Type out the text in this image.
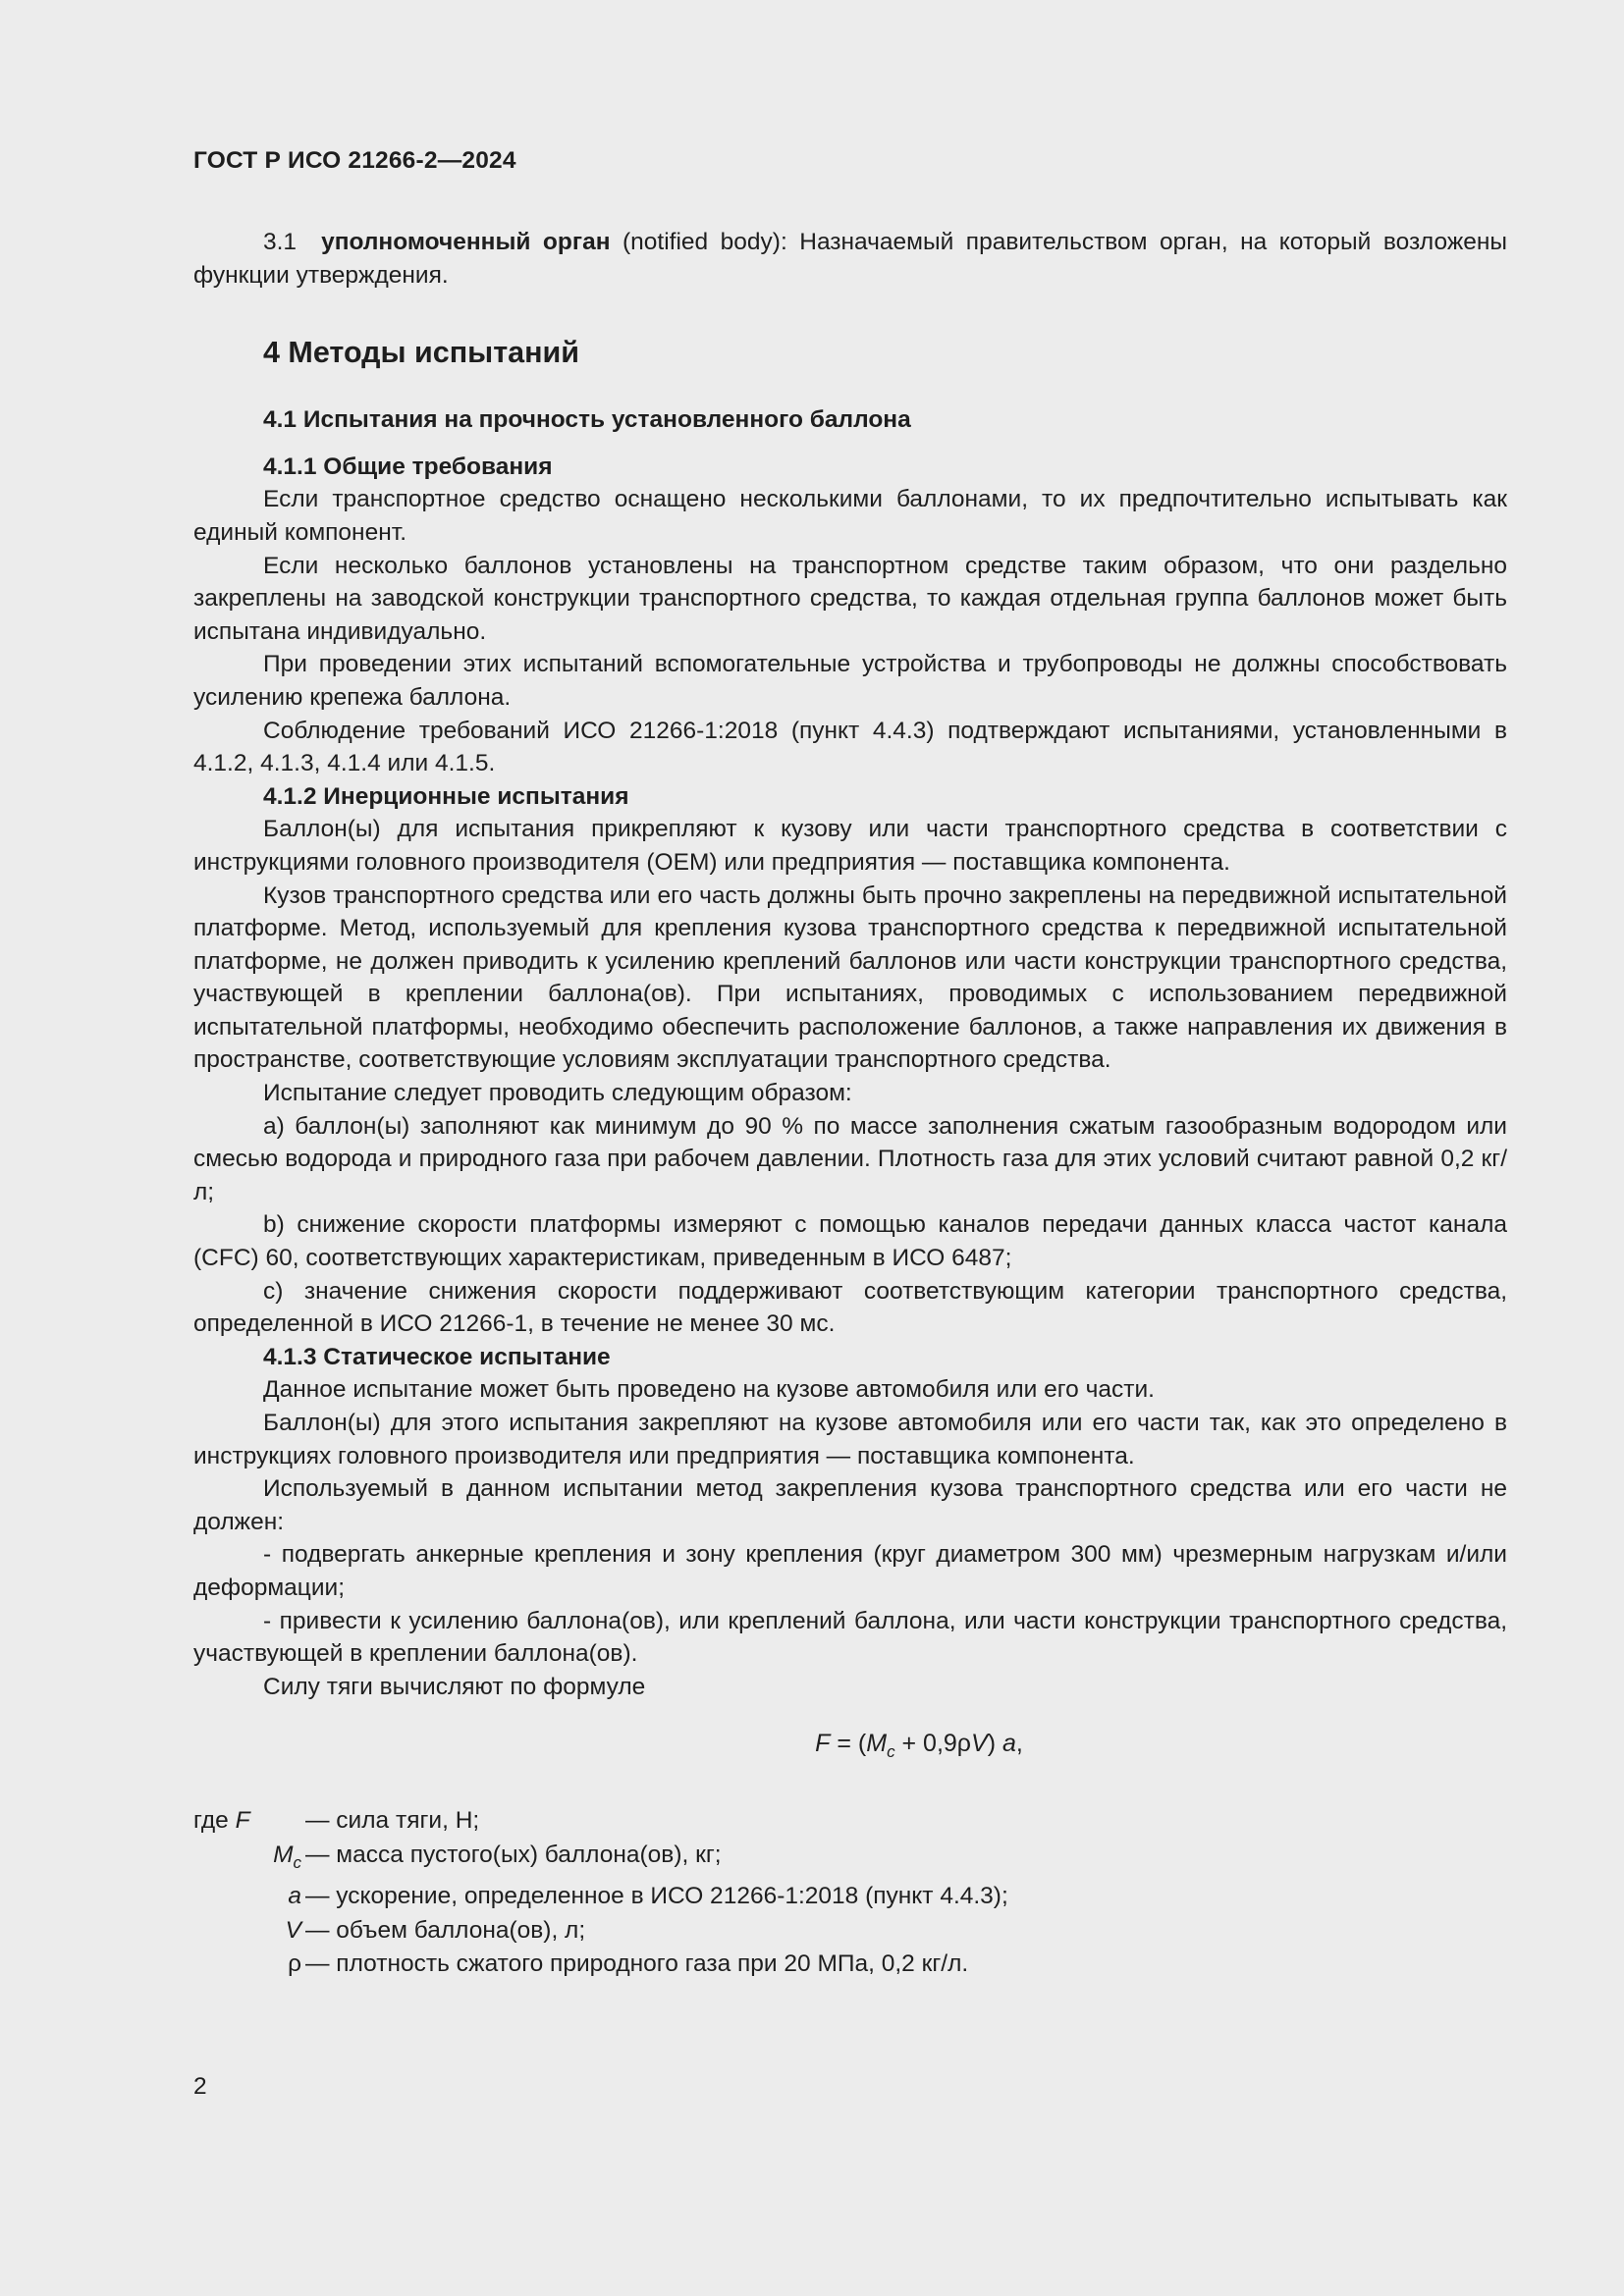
ГОСТ Р ИСО 21266-2—2024

3.1 уполномоченный орган (notified body): Назначаемый правительством орган, на который возложены функции утверждения.

4 Методы испытаний
4.1 Испытания на прочность установленного баллона
4.1.1 Общие требования

Если транспортное средство оснащено несколькими баллонами, то их предпочтительно испытывать как единый компонент.

Если несколько баллонов установлены на транспортном средстве таким образом, что они раздельно закреплены на заводской конструкции транспортного средства, то каждая отдельная группа баллонов может быть испытана индивидуально.

При проведении этих испытаний вспомогательные устройства и трубопроводы не должны способствовать усилению крепежа баллона.

Соблюдение требований ИСО 21266-1:2018 (пункт 4.4.3) подтверждают испытаниями, установленными в 4.1.2, 4.1.3, 4.1.4 или 4.1.5.

4.1.2 Инерционные испытания

Баллон(ы) для испытания прикрепляют к кузову или части транспортного средства в соответствии с инструкциями головного производителя (OEM) или предприятия — поставщика компонента.

Кузов транспортного средства или его часть должны быть прочно закреплены на передвижной испытательной платформе. Метод, используемый для крепления кузова транспортного средства к передвижной испытательной платформе, не должен приводить к усилению креплений баллонов или части конструкции транспортного средства, участвующей в креплении баллона(ов). При испытаниях, проводимых с использованием передвижной испытательной платформы, необходимо обеспечить расположение баллонов, а также направления их движения в пространстве, соответствующие условиям эксплуатации транспортного средства.

Испытание следует проводить следующим образом:

a) баллон(ы) заполняют как минимум до 90 % по массе заполнения сжатым газообразным водородом или смесью водорода и природного газа при рабочем давлении. Плотность газа для этих условий считают равной 0,2 кг/л;

b) снижение скорости платформы измеряют с помощью каналов передачи данных класса частот канала (CFC) 60, соответствующих характеристикам, приведенным в ИСО 6487;

c) значение снижения скорости поддерживают соответствующим категории транспортного средства, определенной в ИСО 21266-1, в течение не менее 30 мс.

4.1.3 Статическое испытание

Данное испытание может быть проведено на кузове автомобиля или его части.

Баллон(ы) для этого испытания закрепляют на кузове автомобиля или его части так, как это определено в инструкциях головного производителя или предприятия — поставщика компонента.

Используемый в данном испытании метод закрепления кузова транспортного средства или его части не должен:

- подвергать анкерные крепления и зону крепления (круг диаметром 300 мм) чрезмерным нагрузкам и/или деформации;

- привести к усилению баллона(ов), или креплений баллона, или части конструкции транспортного средства, участвующей в креплении баллона(ов).

Силу тяги вычисляют по формуле

$F = (M_c + 0,9\rho V)$ a,
где F	— сила тяги, Н;
$M_c$ — масса пустого(ых) баллона(ов), кг;
a — ускорение, определенное в ИСО 21266-1:2018 (пункт 4.4.3);
V — объем баллона(ов), л;
ρ — плотность сжатого природного газа при 20 МПа, 0,2 кг/л.
2
